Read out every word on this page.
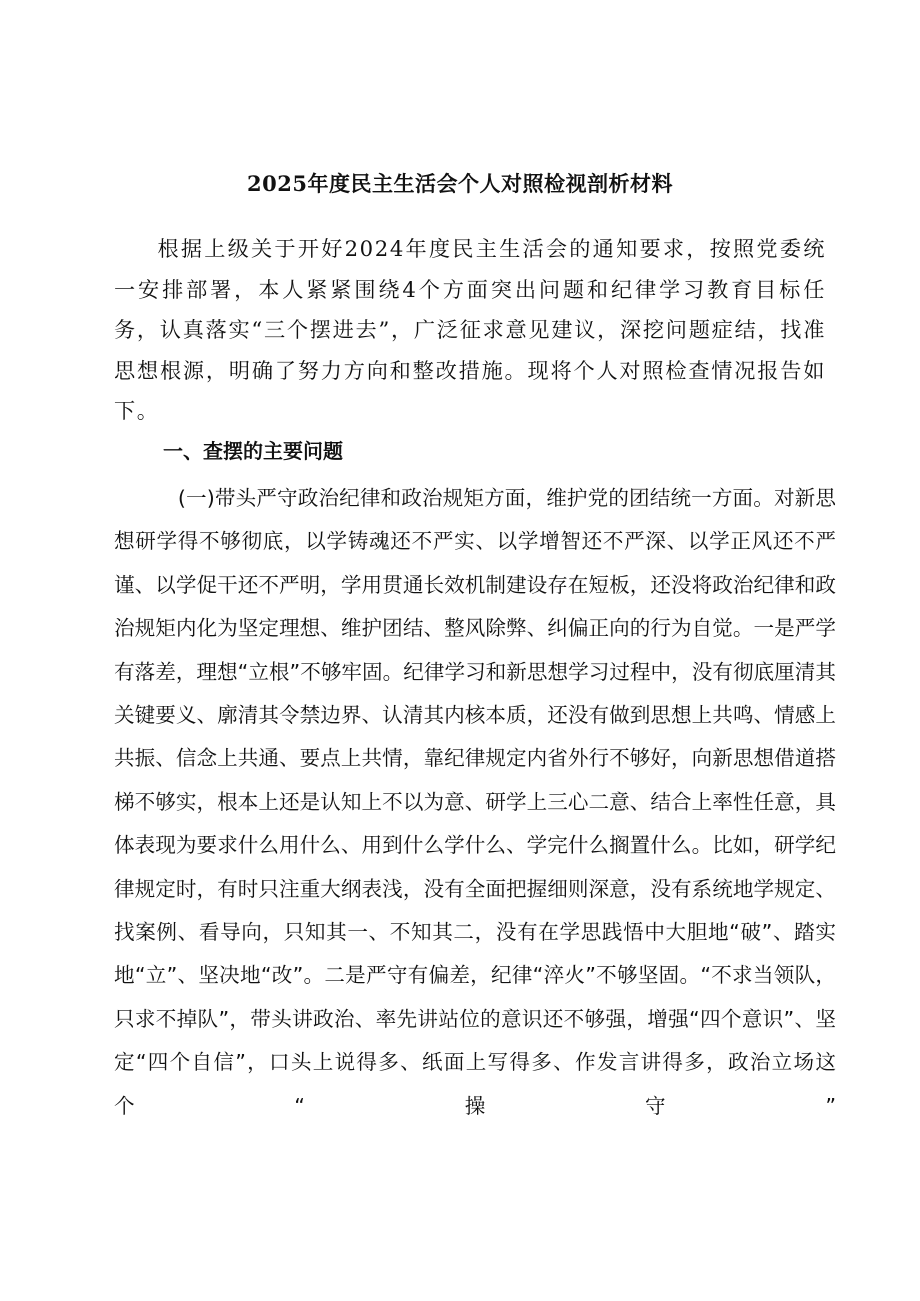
2025年度民主生活会个人对照检视剖析材料

根据上级关于开好2024年度民主生活会的通知要求，按照党委统一安排部署，本人紧紧围绕4个方面突出问题和纪律学习教育目标任务，认真落实“三个摆进去”，广泛征求意见建议，深挖问题症结，找准思想根源，明确了努力方向和整改措施。现将个人对照检查情况报告如下。

一、查摆的主要问题

(一)带头严守政治纪律和政治规矩方面，维护党的团结统一方面。对新思想研学得不够彻底，以学铸魂还不严实、以学增智还不严深、以学正风还不严谨、以学促干还不严明，学用贯通长效机制建设存在短板，还没将政治纪律和政治规矩内化为坚定理想、维护团结、整风除弊、纠偏正向的行为自觉。一是严学有落差，理想“立根”不够牢固。纪律学习和新思想学习过程中，没有彻底厘清其关键要义、廓清其令禁边界、认清其内核本质，还没有做到思想上共鸣、情感上共振、信念上共通、要点上共情，靠纪律规定内省外行不够好，向新思想借道搭梯不够实，根本上还是认知上不以为意、研学上三心二意、结合上率性任意，具体表现为要求什么用什么、用到什么学什么、学完什么搁置什么。比如，研学纪律规定时，有时只注重大纲表浅，没有全面把握细则深意，没有系统地学规定、找案例、看导向，只知其一、不知其二，没有在学思践悟中大胆地“破”、踏实地“立”、坚决地“改”。二是严守有偏差，纪律“淬火”不够坚固。“不求当领队，只求不掉队”，带头讲政治、率先讲站位的意识还不够强，增强“四个意识”、坚定“四个自信”，口头上说得多、纸面上写得多、作发言讲得多，政治立场这个“操守”
